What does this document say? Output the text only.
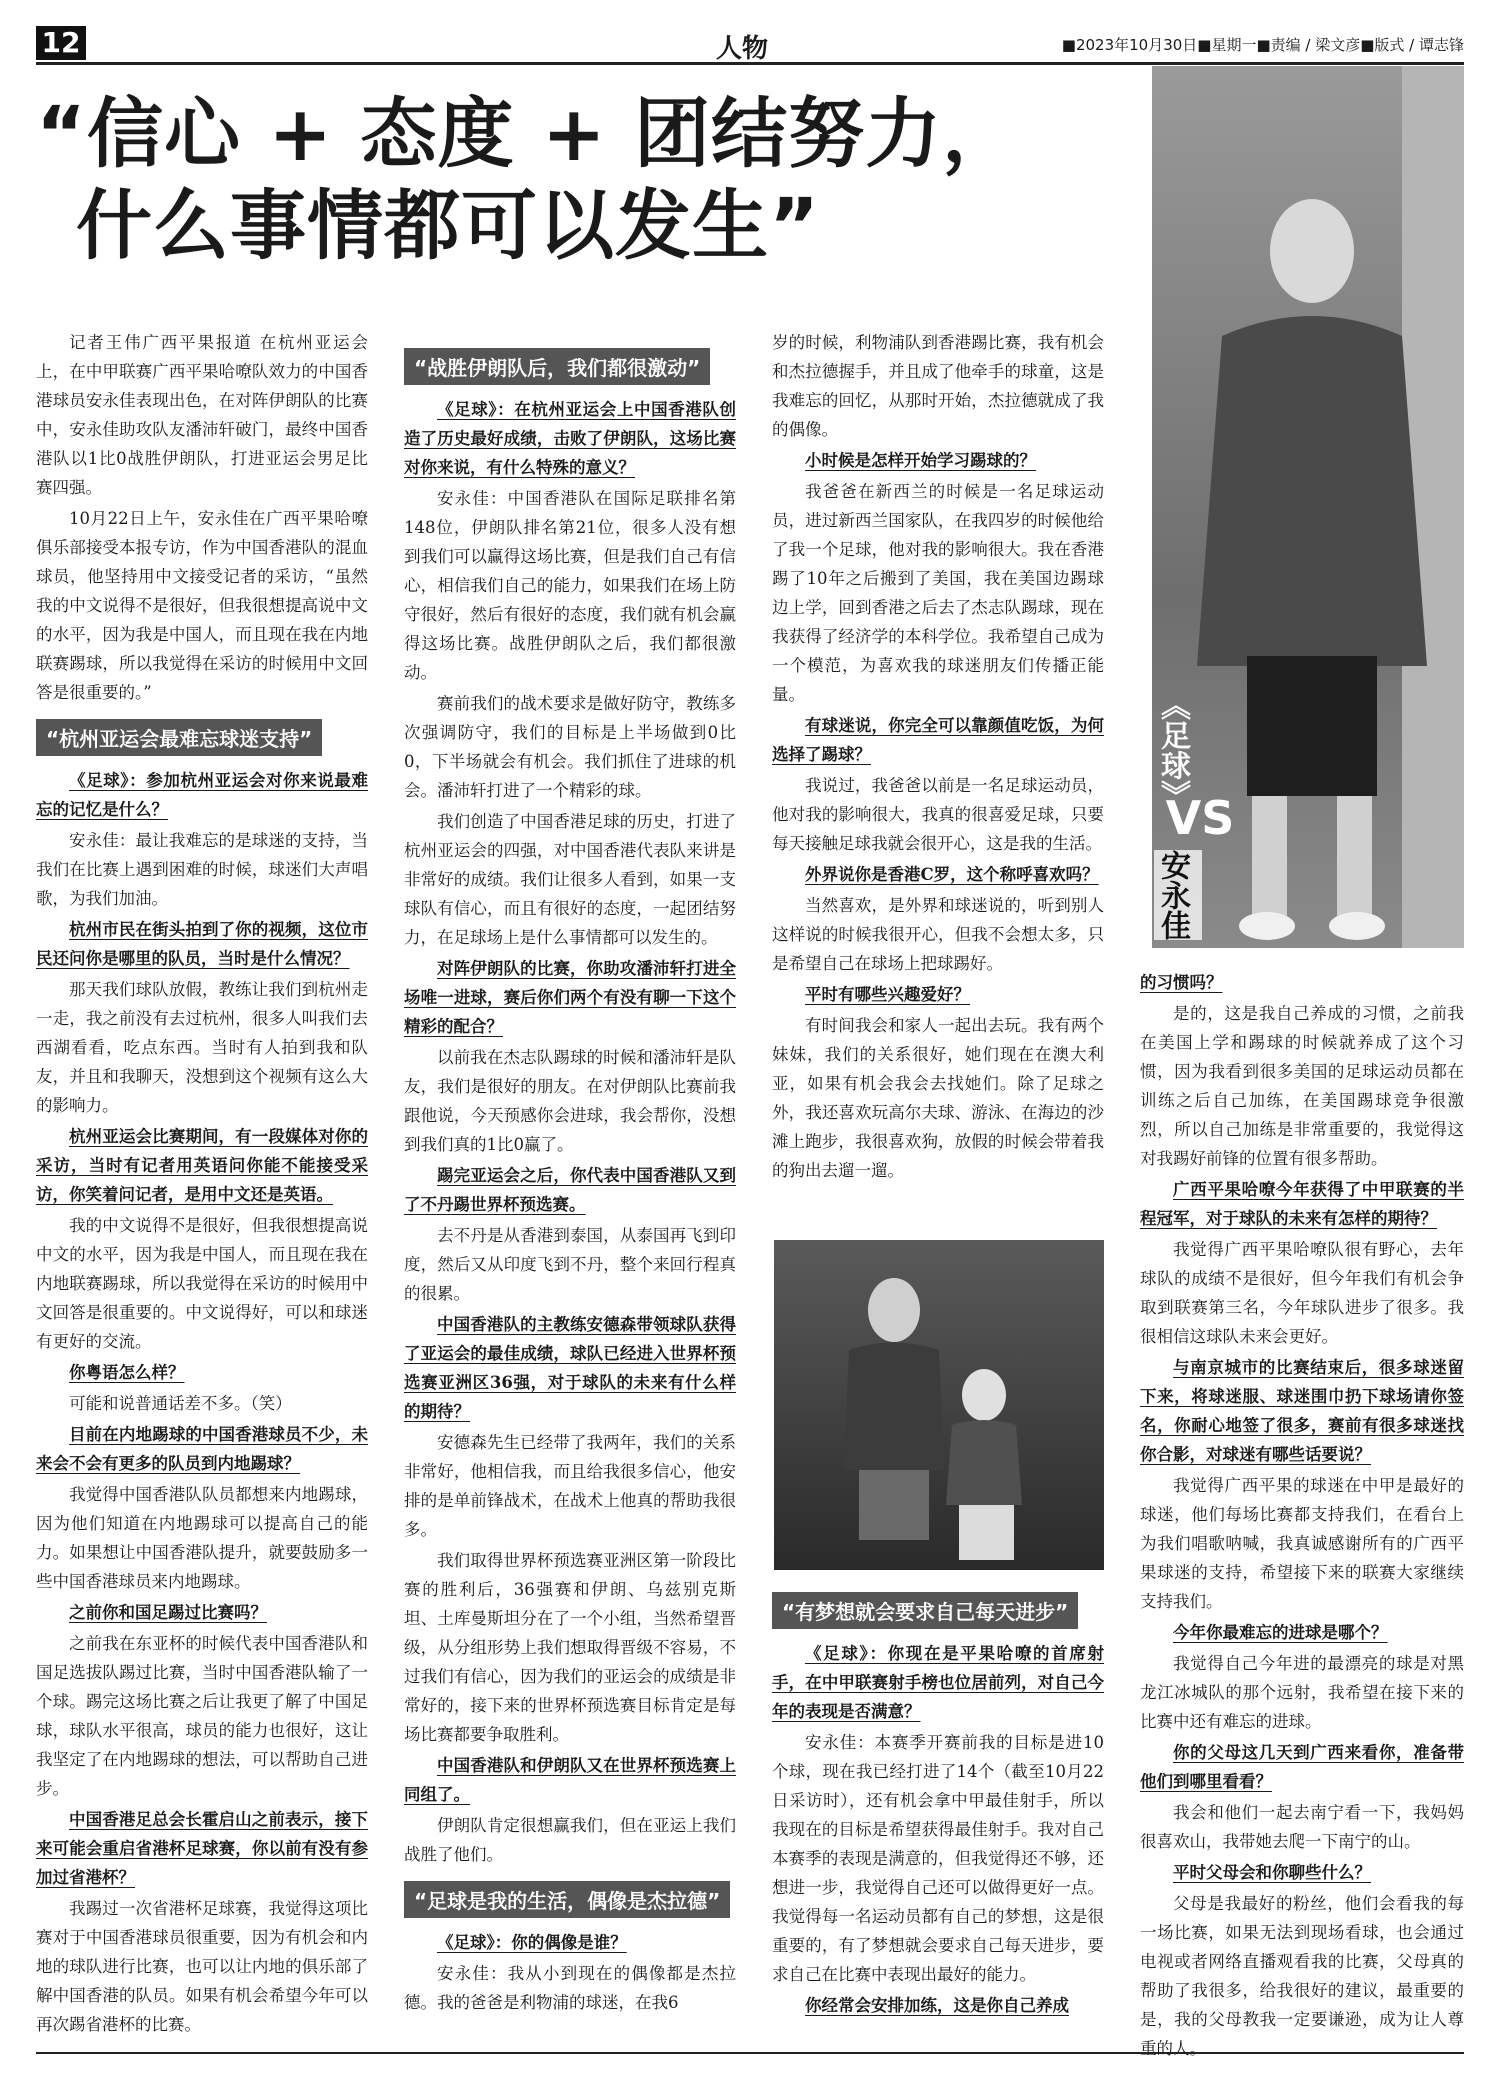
12	人物	■2023年10月30日■星期一■责编 / 梁文彦■版式 / 谭志锋
“信心 + 态度 + 团结努力，
什么事情都可以发生”
《足球》
VS
安永佳

记者王伟广西平果报道 在杭州亚运会上，在中甲联赛广西平果哈嘹队效力的中国香港球员安永佳表现出色，在对阵伊朗队的比赛中，安永佳助攻队友潘沛轩破门，最终中国香港队以1比0战胜伊朗队，打进亚运会男足比赛四强。

10月22日上午，安永佳在广西平果哈嘹俱乐部接受本报专访，作为中国香港队的混血球员，他坚持用中文接受记者的采访，“虽然我的中文说得不是很好，但我很想提高说中文的水平，因为我是中国人，而且现在我在内地联赛踢球，所以我觉得在采访的时候用中文回答是很重要的。”

“杭州亚运会最难忘球迷支持”

《足球》：参加杭州亚运会对你来说最难忘的记忆是什么？

安永佳：最让我难忘的是球迷的支持，当我们在比赛上遇到困难的时候，球迷们大声唱歌，为我们加油。

杭州市民在街头拍到了你的视频，这位市民还问你是哪里的队员，当时是什么情况？

那天我们球队放假，教练让我们到杭州走一走，我之前没有去过杭州，很多人叫我们去西湖看看，吃点东西。当时有人拍到我和队友，并且和我聊天，没想到这个视频有这么大的影响力。

杭州亚运会比赛期间，有一段媒体对你的采访，当时有记者用英语问你能不能接受采访，你笑着问记者，是用中文还是英语。

我的中文说得不是很好，但我很想提高说中文的水平，因为我是中国人，而且现在我在内地联赛踢球，所以我觉得在采访的时候用中文回答是很重要的。中文说得好，可以和球迷有更好的交流。

你粤语怎么样？

可能和说普通话差不多。（笑）

目前在内地踢球的中国香港球员不少，未来会不会有更多的队员到内地踢球？

我觉得中国香港队队员都想来内地踢球，因为他们知道在内地踢球可以提高自己的能力。如果想让中国香港队提升，就要鼓励多一些中国香港球员来内地踢球。

之前你和国足踢过比赛吗？

之前我在东亚杯的时候代表中国香港队和国足选拔队踢过比赛，当时中国香港队输了一个球。踢完这场比赛之后让我更了解了中国足球，球队水平很高，球员的能力也很好，这让我坚定了在内地踢球的想法，可以帮助自己进步。

中国香港足总会长霍启山之前表示，接下来可能会重启省港杯足球赛，你以前有没有参加过省港杯？

我踢过一次省港杯足球赛，我觉得这项比赛对于中国香港球员很重要，因为有机会和内地的球队进行比赛，也可以让内地的俱乐部了解中国香港的队员。如果有机会希望今年可以再次踢省港杯的比赛。

“战胜伊朗队后，我们都很激动”

《足球》：在杭州亚运会上中国香港队创造了历史最好成绩，击败了伊朗队，这场比赛对你来说，有什么特殊的意义？

安永佳：中国香港队在国际足联排名第148位，伊朗队排名第21位，很多人没有想到我们可以赢得这场比赛，但是我们自己有信心，相信我们自己的能力，如果我们在场上防守很好，然后有很好的态度，我们就有机会赢得这场比赛。战胜伊朗队之后，我们都很激动。

赛前我们的战术要求是做好防守，教练多次强调防守，我们的目标是上半场做到0比0，下半场就会有机会。我们抓住了进球的机会。潘沛轩打进了一个精彩的球。

我们创造了中国香港足球的历史，打进了杭州亚运会的四强，对中国香港代表队来讲是非常好的成绩。我们让很多人看到，如果一支球队有信心，而且有很好的态度，一起团结努力，在足球场上是什么事情都可以发生的。

对阵伊朗队的比赛，你助攻潘沛轩打进全场唯一进球，赛后你们两个有没有聊一下这个精彩的配合？

以前我在杰志队踢球的时候和潘沛轩是队友，我们是很好的朋友。在对伊朗队比赛前我跟他说，今天预感你会进球，我会帮你，没想到我们真的1比0赢了。

踢完亚运会之后，你代表中国香港队又到了不丹踢世界杯预选赛。

去不丹是从香港到泰国，从泰国再飞到印度，然后又从印度飞到不丹，整个来回行程真的很累。

中国香港队的主教练安德森带领球队获得了亚运会的最佳成绩，球队已经进入世界杯预选赛亚洲区36强，对于球队的未来有什么样的期待？

安德森先生已经带了我两年，我们的关系非常好，他相信我，而且给我很多信心，他安排的是单前锋战术，在战术上他真的帮助我很多。

我们取得世界杯预选赛亚洲区第一阶段比赛的胜利后，36强赛和伊朗、乌兹别克斯坦、土库曼斯坦分在了一个小组，当然希望晋级，从分组形势上我们想取得晋级不容易，不过我们有信心，因为我们的亚运会的成绩是非常好的，接下来的世界杯预选赛目标肯定是每场比赛都要争取胜利。

中国香港队和伊朗队又在世界杯预选赛上同组了。

伊朗队肯定很想赢我们，但在亚运上我们战胜了他们。

“足球是我的生活，偶像是杰拉德”

《足球》：你的偶像是谁？

安永佳：我从小到现在的偶像都是杰拉德。我的爸爸是利物浦的球迷，在我6

岁的时候，利物浦队到香港踢比赛，我有机会和杰拉德握手，并且成了他牵手的球童，这是我难忘的回忆，从那时开始，杰拉德就成了我的偶像。

小时候是怎样开始学习踢球的？

我爸爸在新西兰的时候是一名足球运动员，进过新西兰国家队，在我四岁的时候他给了我一个足球，他对我的影响很大。我在香港踢了10年之后搬到了美国，我在美国边踢球边上学，回到香港之后去了杰志队踢球，现在我获得了经济学的本科学位。我希望自己成为一个模范，为喜欢我的球迷朋友们传播正能量。

有球迷说，你完全可以靠颜值吃饭，为何选择了踢球？

我说过，我爸爸以前是一名足球运动员，他对我的影响很大，我真的很喜爱足球，只要每天接触足球我就会很开心，这是我的生活。

外界说你是香港C罗，这个称呼喜欢吗？

当然喜欢，是外界和球迷说的，听到别人这样说的时候我很开心，但我不会想太多，只是希望自己在球场上把球踢好。

平时有哪些兴趣爱好？

有时间我会和家人一起出去玩。我有两个妹妹，我们的关系很好，她们现在在澳大利亚，如果有机会我会去找她们。除了足球之外，我还喜欢玩高尔夫球、游泳、在海边的沙滩上跑步，我很喜欢狗，放假的时候会带着我的狗出去遛一遛。

“有梦想就会要求自己每天进步”

《足球》：你现在是平果哈嘹的首席射手，在中甲联赛射手榜也位居前列，对自己今年的表现是否满意？

安永佳：本赛季开赛前我的目标是进10个球，现在我已经打进了14个（截至10月22日采访时），还有机会拿中甲最佳射手，所以我现在的目标是希望获得最佳射手。我对自己本赛季的表现是满意的，但我觉得还不够，还想进一步，我觉得自己还可以做得更好一点。我觉得每一名运动员都有自己的梦想，这是很重要的，有了梦想就会要求自己每天进步，要求自己在比赛中表现出最好的能力。

你经常会安排加练，这是你自己养成

的习惯吗？

是的，这是我自己养成的习惯，之前我在美国上学和踢球的时候就养成了这个习惯，因为我看到很多美国的足球运动员都在训练之后自己加练，在美国踢球竞争很激烈，所以自己加练是非常重要的，我觉得这对我踢好前锋的位置有很多帮助。

广西平果哈嘹今年获得了中甲联赛的半程冠军，对于球队的未来有怎样的期待？

我觉得广西平果哈嘹队很有野心，去年球队的成绩不是很好，但今年我们有机会争取到联赛第三名，今年球队进步了很多。我很相信这球队未来会更好。

与南京城市的比赛结束后，很多球迷留下来，将球迷服、球迷围巾扔下球场请你签名，你耐心地签了很多，赛前有很多球迷找你合影，对球迷有哪些话要说？

我觉得广西平果的球迷在中甲是最好的球迷，他们每场比赛都支持我们，在看台上为我们唱歌呐喊，我真诚感谢所有的广西平果球迷的支持，希望接下来的联赛大家继续支持我们。

今年你最难忘的进球是哪个？

我觉得自己今年进的最漂亮的球是对黑龙江冰城队的那个远射，我希望在接下来的比赛中还有难忘的进球。

你的父母这几天到广西来看你，准备带他们到哪里看看？

我会和他们一起去南宁看一下，我妈妈很喜欢山，我带她去爬一下南宁的山。

平时父母会和你聊些什么？

父母是我最好的粉丝，他们会看我的每一场比赛，如果无法到现场看球，也会通过电视或者网络直播观看我的比赛，父母真的帮助了我很多，给我很好的建议，最重要的是，我的父母教我一定要谦逊，成为让人尊重的人。
